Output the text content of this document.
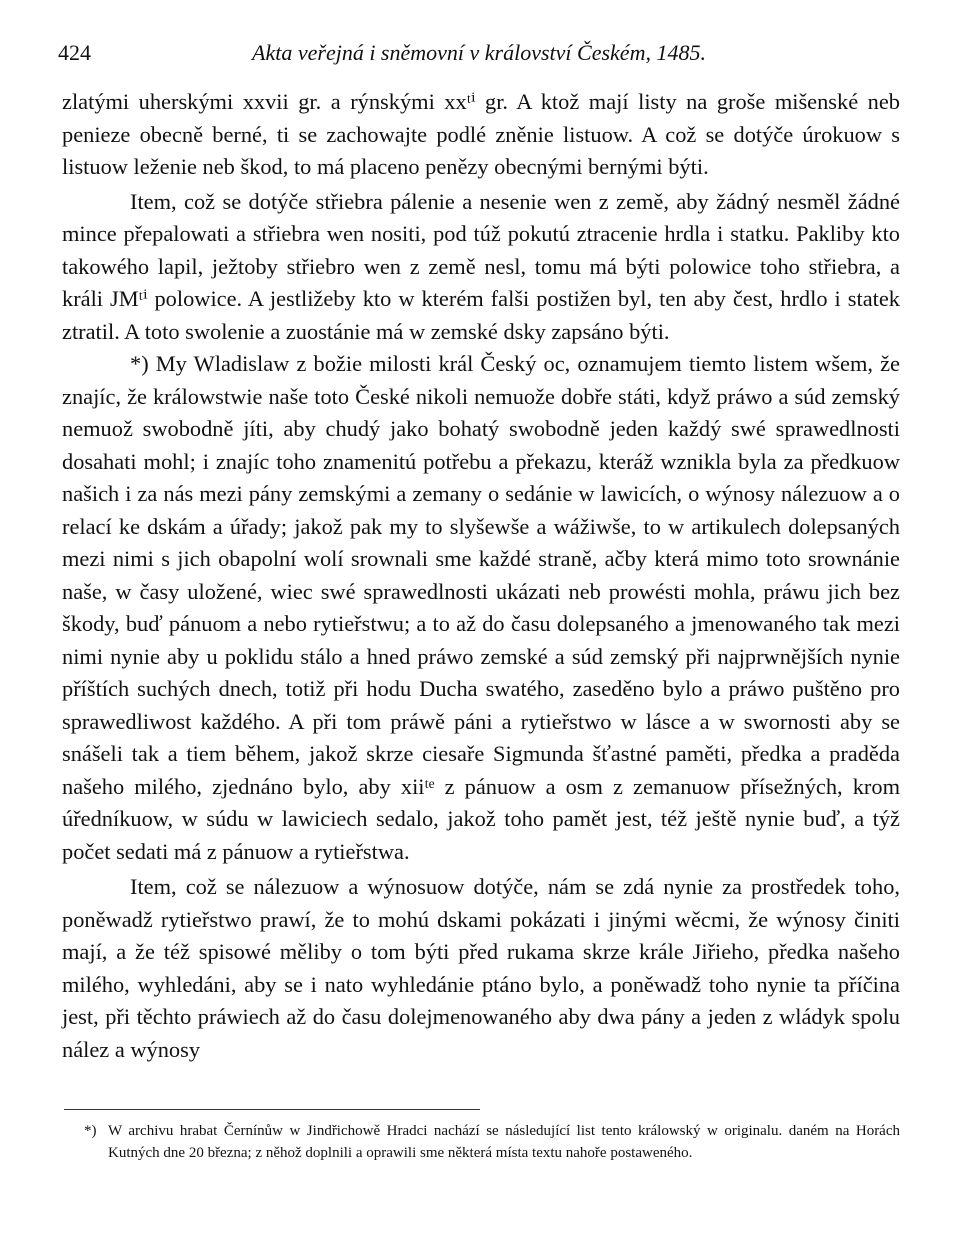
424	Akta veřejná i sněmovní v království Českém, 1485.

zlatými uherskými xxvii gr. a rýnskými xxᵗⁱ gr. A ktož mají listy na groše mišenské neb penieze obecně berné, ti se zachowajte podlé zněnie listuow. A což se dotýče úrokuow s listuow leženie neb škod, to má placeno penězy obecnými bernými býti.

Item, což se dotýče střiebra pálenie a nesenie wen z země, aby žádný nesměl žádné mince přepalowati a střiebra wen nositi, pod túž pokutú ztracenie hrdla i statku. Pakliby kto takowého lapil, ježtoby střiebro wen z země nesl, tomu má býti polowice toho střiebra, a králi JMᵗⁱ polowice. A jestližeby kto w kterém falši postižen byl, ten aby čest, hrdlo i statek ztratil. A toto swolenie a zuostánie má w zemské dsky zapsáno býti.

*) My Wladislaw z božie milosti král Český oc, oznamujem tiemto listem wšem, že znajíc, že králowstwie naše toto České nikoli nemuože dobře státi, když práwo a súd zemský nemuož swobodně jíti, aby chudý jako bohatý swobodně jeden každý swé sprawedlnosti dosahati mohl; i znajíc toho znamenitú potřebu a překazu, kteráž wznikla byla za předkuow našich i za nás mezi pány zemskými a zemany o sedánie w lawicích, o wýnosy nálezuow a o relací ke dskám a úřady; jakož pak my to slyšewše a wážiwše, to w artikulech dolepsaných mezi nimi s jich obapolní wolí srownali sme každé straně, ačby která mimo toto srownánie naše, w časy uložené, wiec swé sprawedlnosti ukázati neb prowésti mohla, práwu jich bez škody, buď pánuom a nebo rytieřstwu; a to až do času dolepsaného a jmenowaného tak mezi nimi nynie aby u poklidu stálo a hned práwo zemské a súd zemský při najprwnějších nynie příštích suchých dnech, totiž při hodu Ducha swatého, zaseděno bylo a práwo puštěno pro sprawedliwost každého. A při tom práwě páni a rytieřstwo w lásce a w swornosti aby se snášeli tak a tiem během, jakož skrze ciesaře Sigmunda šťastné paměti, předka a praděda našeho milého, zjednáno bylo, aby xiiᵗᵉ z pánuow a osm z zemanuow přísežných, krom úředníkuow, w súdu w lawiciech sedalo, jakož toho pamět jest, též ještě nynie buď, a týž počet sedati má z pánuow a rytieřstwa.

Item, což se nálezuow a wýnosuow dotýče, nám se zdá nynie za prostředek toho, poněwadž rytieřstwo prawí, že to mohú dskami pokázati i jinými wěcmi, že wýnosy činiti mají, a že též spisowé měliby o tom býti před rukama skrze krále Jiřieho, předka našeho milého, wyhledáni, aby se i nato wyhledánie ptáno bylo, a poněwadž toho nynie ta příčina jest, při těchto práwiech až do času dolejmenowaného aby dwa pány a jeden z wládyk spolu nález a wýnosy

*) W archivu hrabat Černínůw w Jindřichowě Hradci nachází se následující list tento králowský w originalu. daném na Horách Kutných dne 20 března; z něhož doplnili a oprawili sme některá místa textu nahoře postaweného.
